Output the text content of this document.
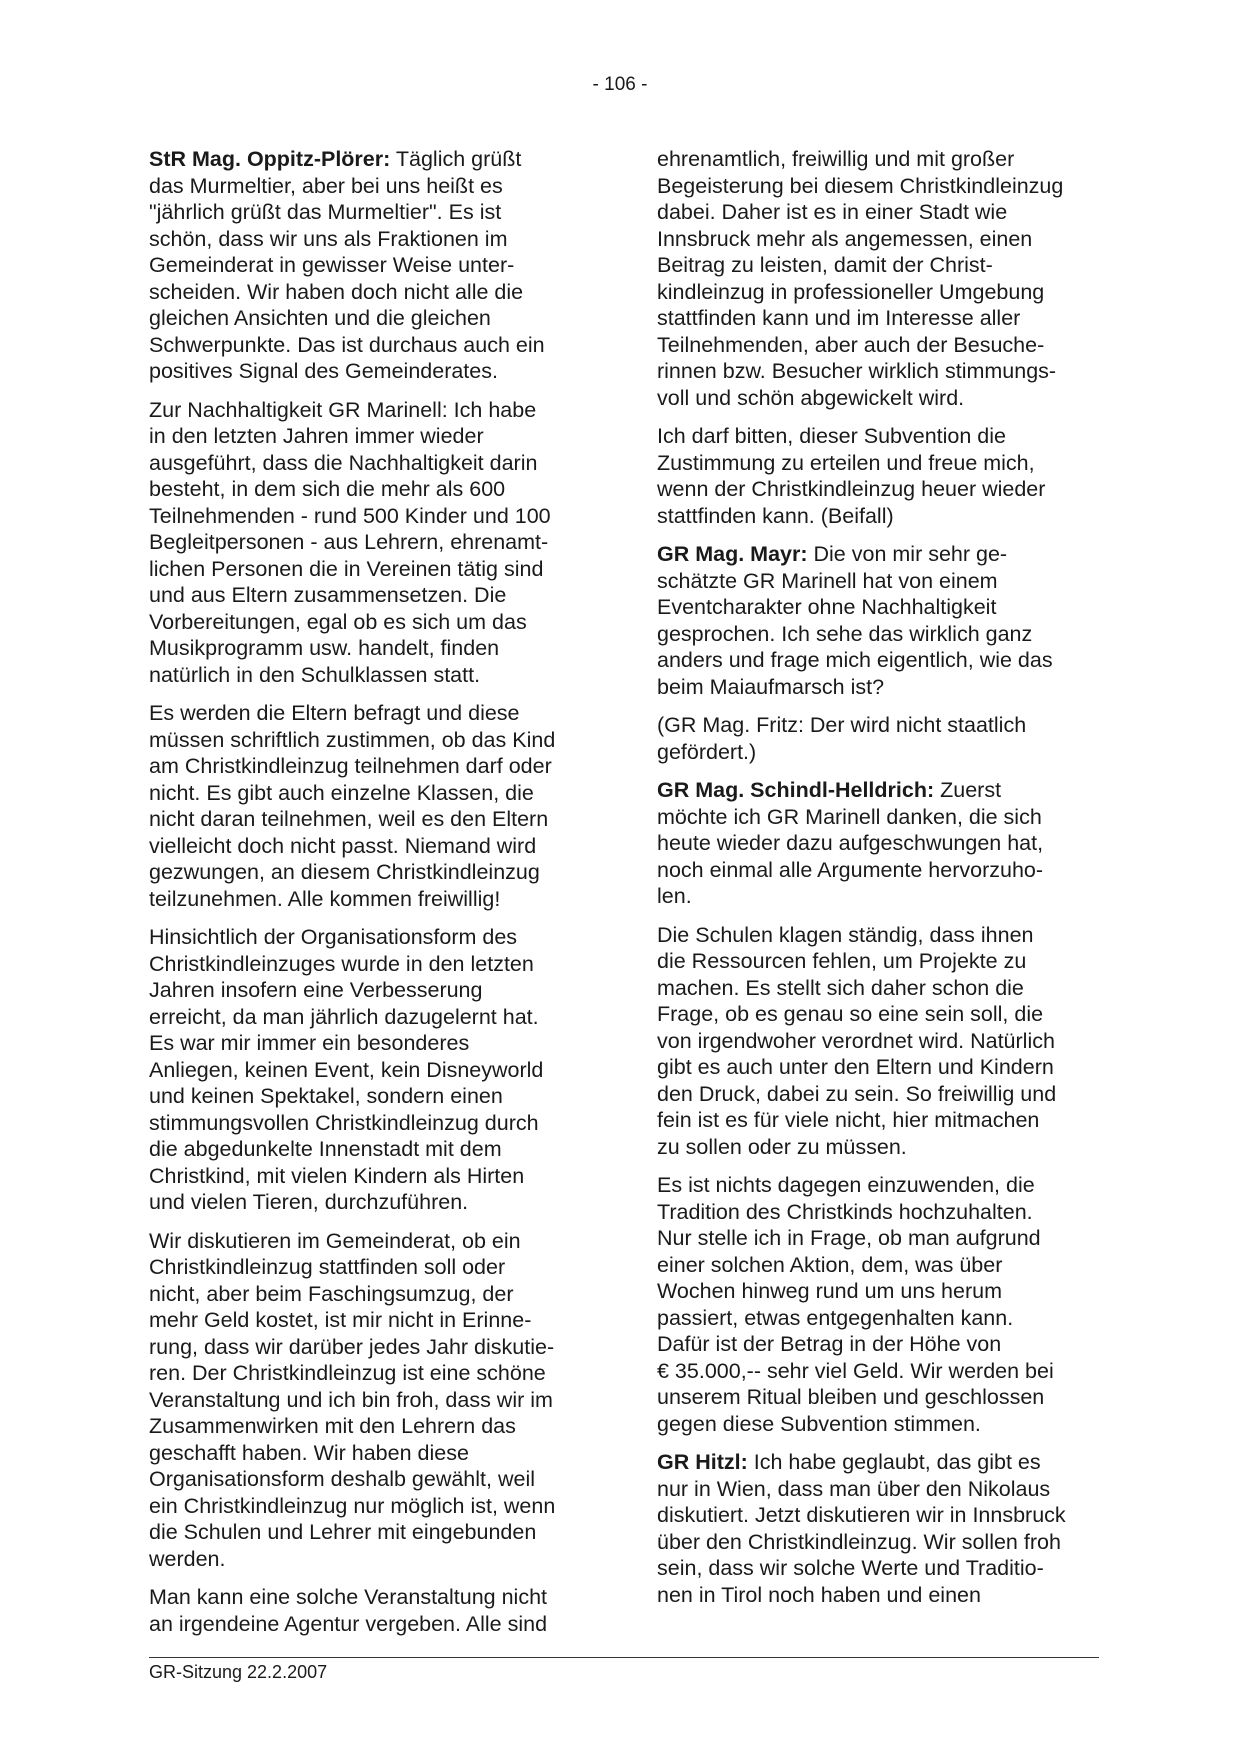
- 106 -

StR Mag. Oppitz-Plörer: Täglich grüßt
das Murmeltier, aber bei uns heißt es
"jährlich grüßt das Murmeltier". Es ist
schön, dass wir uns als Fraktionen im
Gemeinderat in gewisser Weise unter-
scheiden. Wir haben doch nicht alle die
gleichen Ansichten und die gleichen
Schwerpunkte. Das ist durchaus auch ein
positives Signal des Gemeinderates.

Zur Nachhaltigkeit GR Marinell: Ich habe
in den letzten Jahren immer wieder
ausgeführt, dass die Nachhaltigkeit darin
besteht, in dem sich die mehr als 600
Teilnehmenden - rund 500 Kinder und 100
Begleitpersonen - aus Lehrern, ehrenamt-
lichen Personen die in Vereinen tätig sind
und aus Eltern zusammensetzen. Die
Vorbereitungen, egal ob es sich um das
Musikprogramm usw. handelt, finden
natürlich in den Schulklassen statt.

Es werden die Eltern befragt und diese
müssen schriftlich zustimmen, ob das Kind
am Christkindleinzug teilnehmen darf oder
nicht. Es gibt auch einzelne Klassen, die
nicht daran teilnehmen, weil es den Eltern
vielleicht doch nicht passt. Niemand wird
gezwungen, an diesem Christkindleinzug
teilzunehmen. Alle kommen freiwillig!

Hinsichtlich der Organisationsform des
Christkindleinzuges wurde in den letzten
Jahren insofern eine Verbesserung
erreicht, da man jährlich dazugelernt hat.
Es war mir immer ein besonderes
Anliegen, keinen Event, kein Disneyworld
und keinen Spektakel, sondern einen
stimmungsvollen Christkindleinzug durch
die abgedunkelte Innenstadt mit dem
Christkind, mit vielen Kindern als Hirten
und vielen Tieren, durchzuführen.

Wir diskutieren im Gemeinderat, ob ein
Christkindleinzug stattfinden soll oder
nicht, aber beim Faschingsumzug, der
mehr Geld kostet, ist mir nicht in Erinne-
rung, dass wir darüber jedes Jahr diskutie-
ren. Der Christkindleinzug ist eine schöne
Veranstaltung und ich bin froh, dass wir im
Zusammenwirken mit den Lehrern das
geschafft haben. Wir haben diese
Organisationsform deshalb gewählt, weil
ein Christkindleinzug nur möglich ist, wenn
die Schulen und Lehrer mit eingebunden
werden.

Man kann eine solche Veranstaltung nicht
an irgendeine Agentur vergeben. Alle sind

ehrenamtlich, freiwillig und mit großer
Begeisterung bei diesem Christkindleinzug
dabei. Daher ist es in einer Stadt wie
Innsbruck mehr als angemessen, einen
Beitrag zu leisten, damit der Christ-
kindleinzug in professioneller Umgebung
stattfinden kann und im Interesse aller
Teilnehmenden, aber auch der Besuche-
rinnen bzw. Besucher wirklich stimmungs-
voll und schön abgewickelt wird.

Ich darf bitten, dieser Subvention die
Zustimmung zu erteilen und freue mich,
wenn der Christkindleinzug heuer wieder
stattfinden kann. (Beifall)

GR Mag. Mayr: Die von mir sehr ge-
schätzte GR Marinell hat von einem
Eventcharakter ohne Nachhaltigkeit
gesprochen. Ich sehe das wirklich ganz
anders und frage mich eigentlich, wie das
beim Maiaufmarsch ist?

(GR Mag. Fritz: Der wird nicht staatlich
gefördert.)

GR Mag. Schindl-Helldrich: Zuerst
möchte ich GR Marinell danken, die sich
heute wieder dazu aufgeschwungen hat,
noch einmal alle Argumente hervorzuho-
len.

Die Schulen klagen ständig, dass ihnen
die Ressourcen fehlen, um Projekte zu
machen. Es stellt sich daher schon die
Frage, ob es genau so eine sein soll, die
von irgendwoher verordnet wird. Natürlich
gibt es auch unter den Eltern und Kindern
den Druck, dabei zu sein. So freiwillig und
fein ist es für viele nicht, hier mitmachen
zu sollen oder zu müssen.

Es ist nichts dagegen einzuwenden, die
Tradition des Christkinds hochzuhalten.
Nur stelle ich in Frage, ob man aufgrund
einer solchen Aktion, dem, was über
Wochen hinweg rund um uns herum
passiert, etwas entgegenhalten kann.
Dafür ist der Betrag in der Höhe von
€ 35.000,-- sehr viel Geld. Wir werden bei
unserem Ritual bleiben und geschlossen
gegen diese Subvention stimmen.

GR Hitzl: Ich habe geglaubt, das gibt es
nur in Wien, dass man über den Nikolaus
diskutiert. Jetzt diskutieren wir in Innsbruck
über den Christkindleinzug. Wir sollen froh
sein, dass wir solche Werte und Traditio-
nen in Tirol noch haben und einen

GR-Sitzung 22.2.2007
